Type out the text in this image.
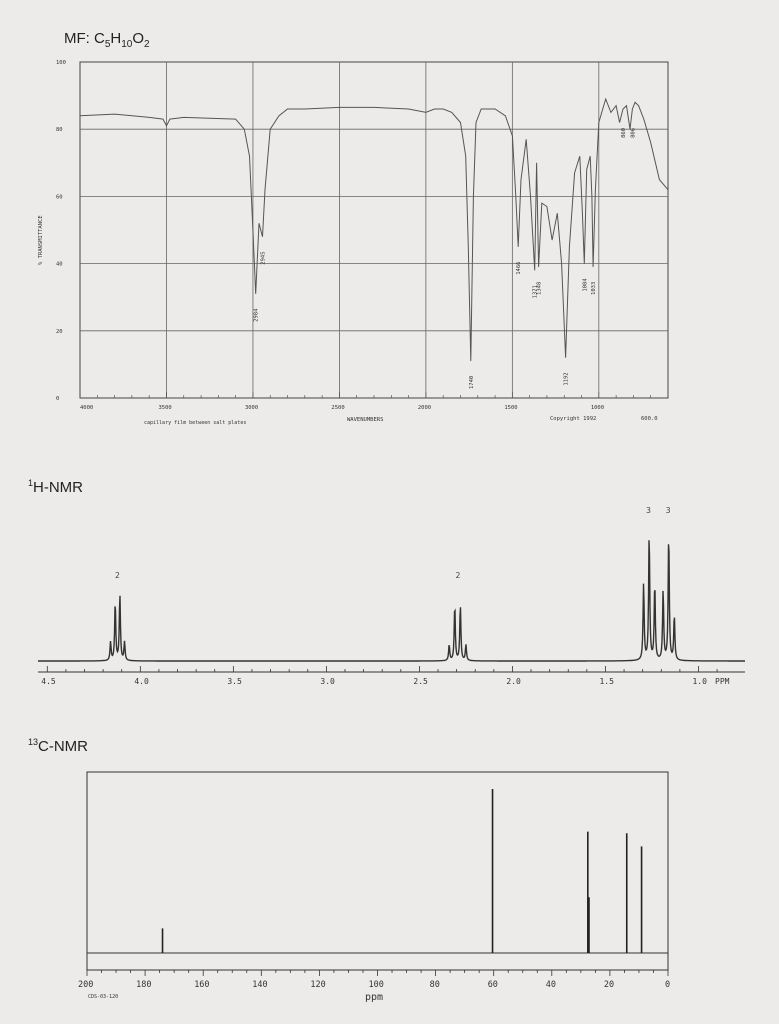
MF: $C_5H_{10}O_2$
0
20
40
60
80
100
4000	3500	3000	2500	2000	1500	1000
2945
2984
1740
1466
1371
1348
1192
1084 1033
860 806
% TRANSMITTANCE
WAVENUMBERS
capillary film between salt plates
Copyright 1992	600.0
$^1$H-NMR
4.5	4.0	3.5	3.0	2.5	2.0	1.5	1.0
2	2
3 3
PPM
$^{13}$C-NMR
200	180	160	140	120	100	80	60	40	20	0
ppm
CDS-03-120
